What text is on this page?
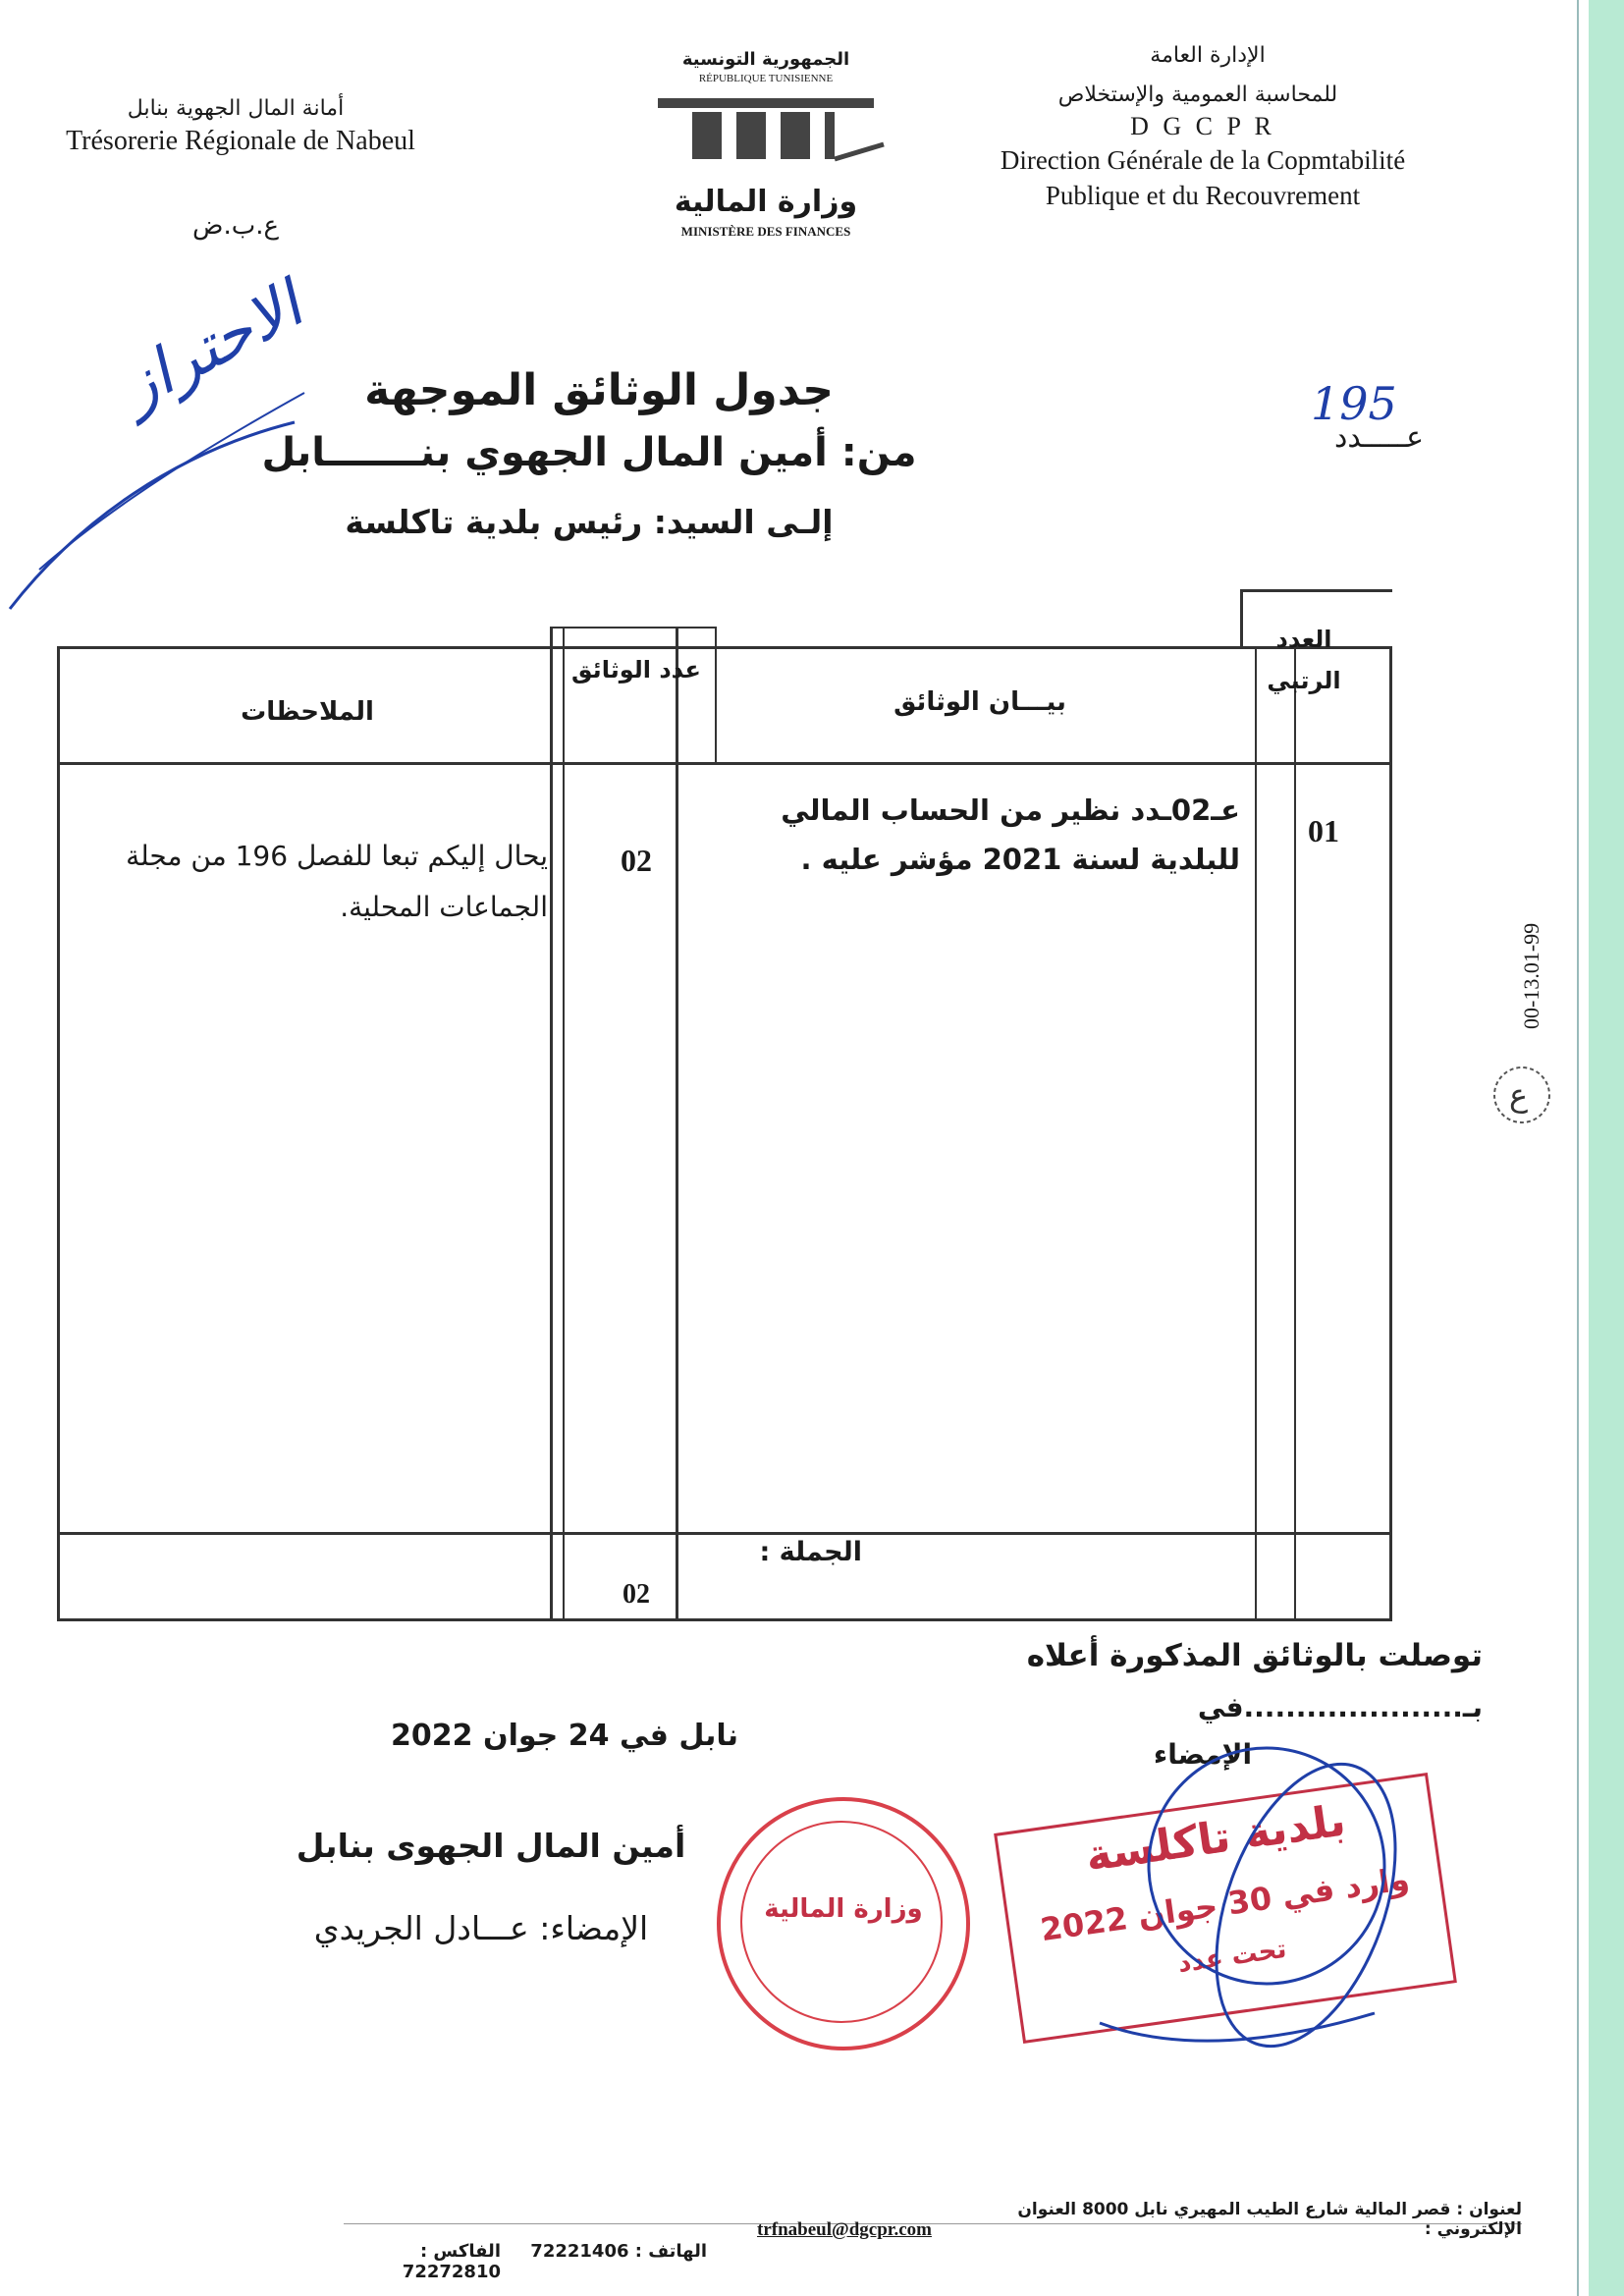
أمانة المال الجهوية بنابل
Trésorerie Régionale de Nabeul
ع.ب.ض
الجمهورية التونسية
RÉPUBLIQUE TUNISIENNE
وزارة المالية
MINISTÈRE DES FINANCES
الإدارة العامة
للمحاسبة العمومية والإستخلاص
D G C P R
Direction Générale de la Copmtabilité
Publique et du Recouvrement
الاحتراز جدول الوثائق الموجهة
من: أمين المال الجهوي بنـــــــابل
إلـى السيد: رئيس بلدية تاكلسة
عـــــدد
195
العدد الرتبي
بيـــان الوثائق
عدد الوثائق
الملاحظات
01
عـ02ـدد نظير من الحساب المالي للبلدية لسنة 2021 مؤشر عليه .
02
يحال إليكم تبعا للفصل 196 من مجلة الجماعات المحلية.
الجملة :
02
00-13.01-99
ع
توصلت بالوثائق المذكورة أعلاه
بـ.....................في
الإمضاء
نابل في 24 جوان 2022
أمين المال الجهوى بنابل
الإمضاء: عـــادل الجريدي	وزارة المالية
بلدية تاكلسة
وارد في 30 جوان 2022
تحت عدد
لعنوان : قصر المالية شارع الطيب المهيري نابل 8000 العنوان الإلكتروني :
trfnabeul@dgcpr.com
الهاتف : 72221406
الفاكس : 72272810
